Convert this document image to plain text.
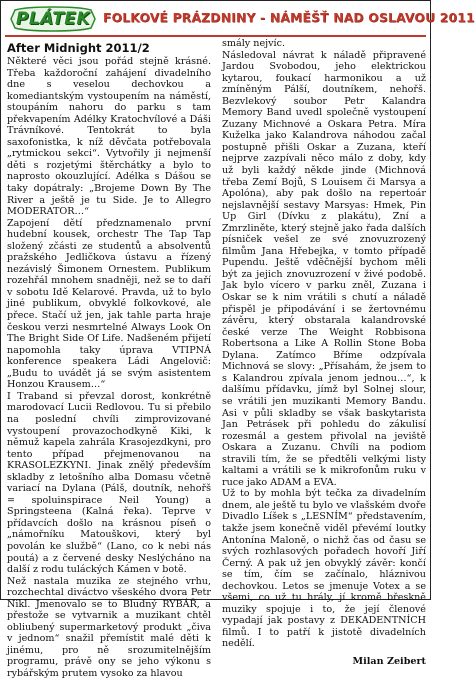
PLÁTEK	FOLKOVÉ PRÁZDNINY - NÁMĚŠŤ NAD OSLAVOU 2011
After Midnight 2011/2

Některé věci jsou pořád stejně krásné. Třeba každoroční zahájení divadelního dne s veselou dechovkou a komediantským vystoupením na náměstí, stoupáním nahoru do parku s tam překvapením Adélky Kratochvílové a Dáši Trávníkové. Tentokrát to byla saxofonistka, k níž děvčata potřebovala „rytmickou sekci“. Vytvořily ji nejmenší děti s rozjetými štěrchátky a bylo to naprosto okouzlující. Adélka s Dášou se taky dopátraly: „Brojeme Down By The River a ještě je tu Side. Je to Allegro MODERATOR…“

Zapojení dětí předznamenalo první hudební kousek, orchestr The Tap Tap složený zčásti ze studentů a absolventů pražského Jedličkova ústavu a řízený nezávislý Šimonem Ornestem. Publikum rozehřál mnohem snadněji, než se to daří v sobotu Idě Kelarové. Pravda, už to bylo jiné publikum, obvyklé folkovkové, ale přece. Stačí už jen, jak tahle parta hraje českou verzi nesmrtelné Always Look On The Bright Side Of Life. Nadšeném přijetí napomohla taky úprava VTIPNÁ konference speakera Ládi Angelovič: „Budu to uvádět já se svým asistentem Honzou Krausem…“

I Traband si převzal dorost, konkrétně marodovací Lucii Redlovou. Tu si přebilo na poslední chvíli zimprovizované vystoupení provazochodkyně Kiki, k němuž kapela zahrála Krasojezdkyni, pro tento případ přejmenovanou na KRASOLEZKYNI. Jinak znělý především skladby z letošního alba Domasu včetně variací na Dylana (Pálš, doutník, nehořš = spoluinspirace Neil Young) a Springsteena (Kalná řeka). Teprve v přídavcích došlo na krásnou píseň o „námořníku Matouškovi, který byl povolán ke službě“ (Lano, co k nebi nás poutá) a z červené desky Neslýcháno na další z rodu tuláckých Kámen v botě.

Než nastala muzika ze stejného vrhu, rozchechtal diváctvo všeského dvora Petr Nikl. Jmenovalo se to Bludný RYBÁŘ, a přestože se vytvarnik a muzikant chtěl obliubený supermarketový produkt „čiva v jednom“ snažil přemístit malé děti k jinému, pro ně srozumitelnějším programu, právě ony se jeho výkonu s rybářským prutem vysoko za hlavou

smály nejvíc.

Následoval návrat k náladě připravené Jardou Svobodou, jeho elektrickou kytarou, foukací harmonikou a už zmíněným Pálší, doutníkem, nehořš. Bezvlekový soubor Petr Kalandra Memory Band uvedl společně vystoupení Zuzany Michnové a Oskara Petra. Míra Kuželka jako Kalandrova náhodou začal postupně přišli Oskar a Zuzana, kteří nejprve zazpívali něco málo z doby, kdy už byli každý někde jinde (Michnová třeba Zemí Bojů, S Louisem či Marsya a Apolóna), aby pak došlo na repertoár nejslavnější sestavy Marsyas: Hmek, Pin Up Girl (Dívku z plakátu), Zní a Zmrzliněte, který stejně jako řada dalších písniček vešel ze své znovuzrozený filmům Jana Hřebejka, v tomto případě Pupendu. Ještě vděčnější bychom měli být za jejich znovuzrození v živé podobě. Jak bylo vícero v parku zněl, Zuzana i Oskar se k nim vrátili s chutí a náladě přispěl je připodávání i se žertovnému závěru, který obstarala kalandrovské české verze The Weight Robbisona Robertsona a Like A Rollin Stone Boba Dylana. Zatímco Bříme odzpívala Michnová se slovy: „Přísahám, že jsem to s Kalandrou zpívala jenom jednou…“, k dalšímu přídavku, jímž byl Solnej slour, se vrátili jen muzikanti Memory Bandu. Asi v půli skladby se však baskytarista Jan Petrásek při pohledu do zákulisí rozesmál a gestem přivolal na jeviště Oskara a Zuzanu. Chvíli na podiom stravili tím, že se předtěli velkými listy kaltami a vrátili se k mikrofonům ruku v ruce jako ADAM a EVA.

Už to by mohla být tečka za divadelním dnem, ale ještě tu bylo ve vlašském dvoře Divadlo Líšek s „LESNÍM“ představením, takže jsem konečně viděl převémí loutky Antonína Maloně, o nichž čas od času se svých rozhlasových pořadech hovoří Jiří Černý. A pak už jen obvyklý závěr: končí se tím, čím se začínalo, hláznivou dechovkou. Letos se jmenuje Votex a se všemi, co už tu hrály, jí kromě břeskně muziky spojuje i to, že její členové vypadají jak postavy z DEKADENTNÍCH filmů. I to patří k jistotě divadelních nedělí.

Milan Zeibert
